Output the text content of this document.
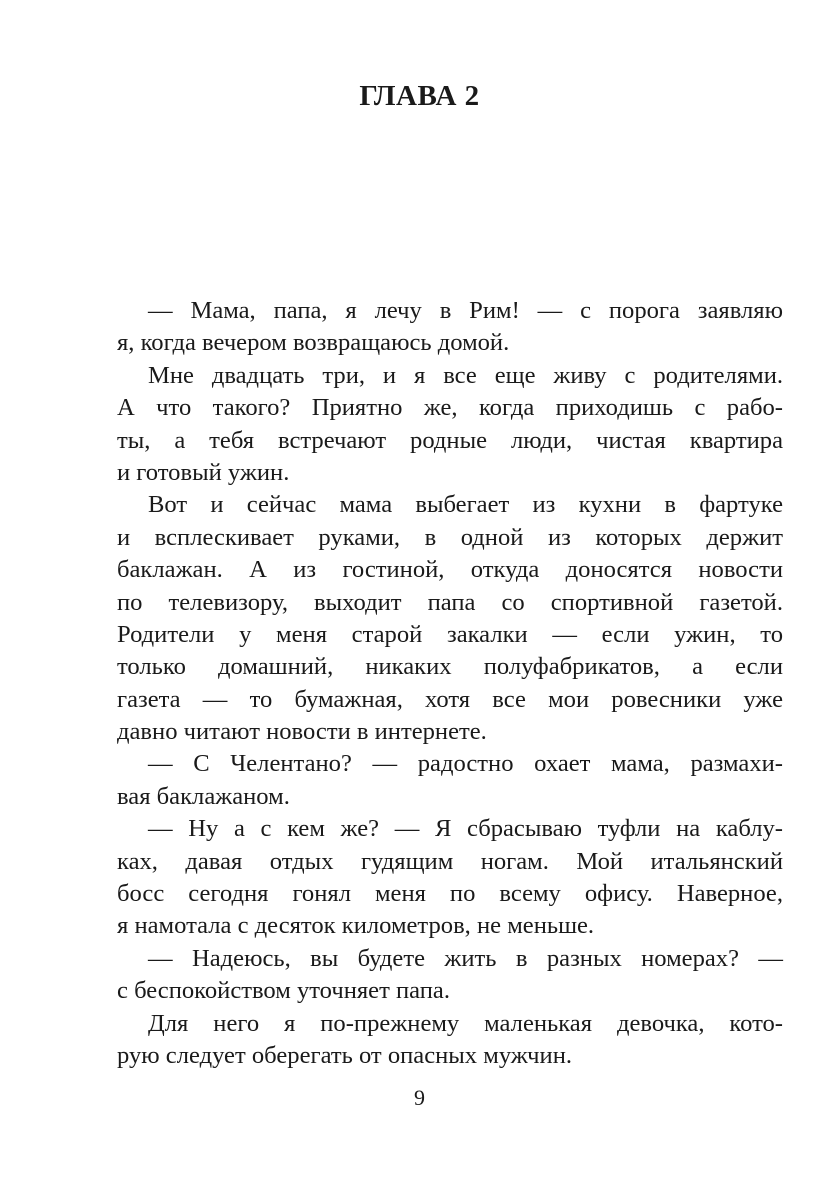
ГЛАВА 2
— Мама, папа, я лечу в Рим! — с порога заявляю
я, когда вечером возвращаюсь домой.
Мне двадцать три, и я все еще живу с родителями.
А что такого? Приятно же, когда приходишь с рабо-
ты, а тебя встречают родные люди, чистая квартира
и готовый ужин.
Вот и сейчас мама выбегает из кухни в фартуке
и всплескивает руками, в одной из которых держит
баклажан. А из гостиной, откуда доносятся новости
по телевизору, выходит папа со спортивной газетой.
Родители у меня старой закалки — если ужин, то
только домашний, никаких полуфабрикатов, а если
газета — то бумажная, хотя все мои ровесники уже
давно читают новости в интернете.
— С Челентано? — радостно охает мама, размахи-
вая баклажаном.
— Ну а с кем же? — Я сбрасываю туфли на каблу-
ках, давая отдых гудящим ногам. Мой итальянский
босс сегодня гонял меня по всему офису. Наверное,
я намотала с десяток километров, не меньше.
— Надеюсь, вы будете жить в разных номерах? —
с беспокойством уточняет папа.
Для него я по-прежнему маленькая девочка, кото-
рую следует оберегать от опасных мужчин.
9
